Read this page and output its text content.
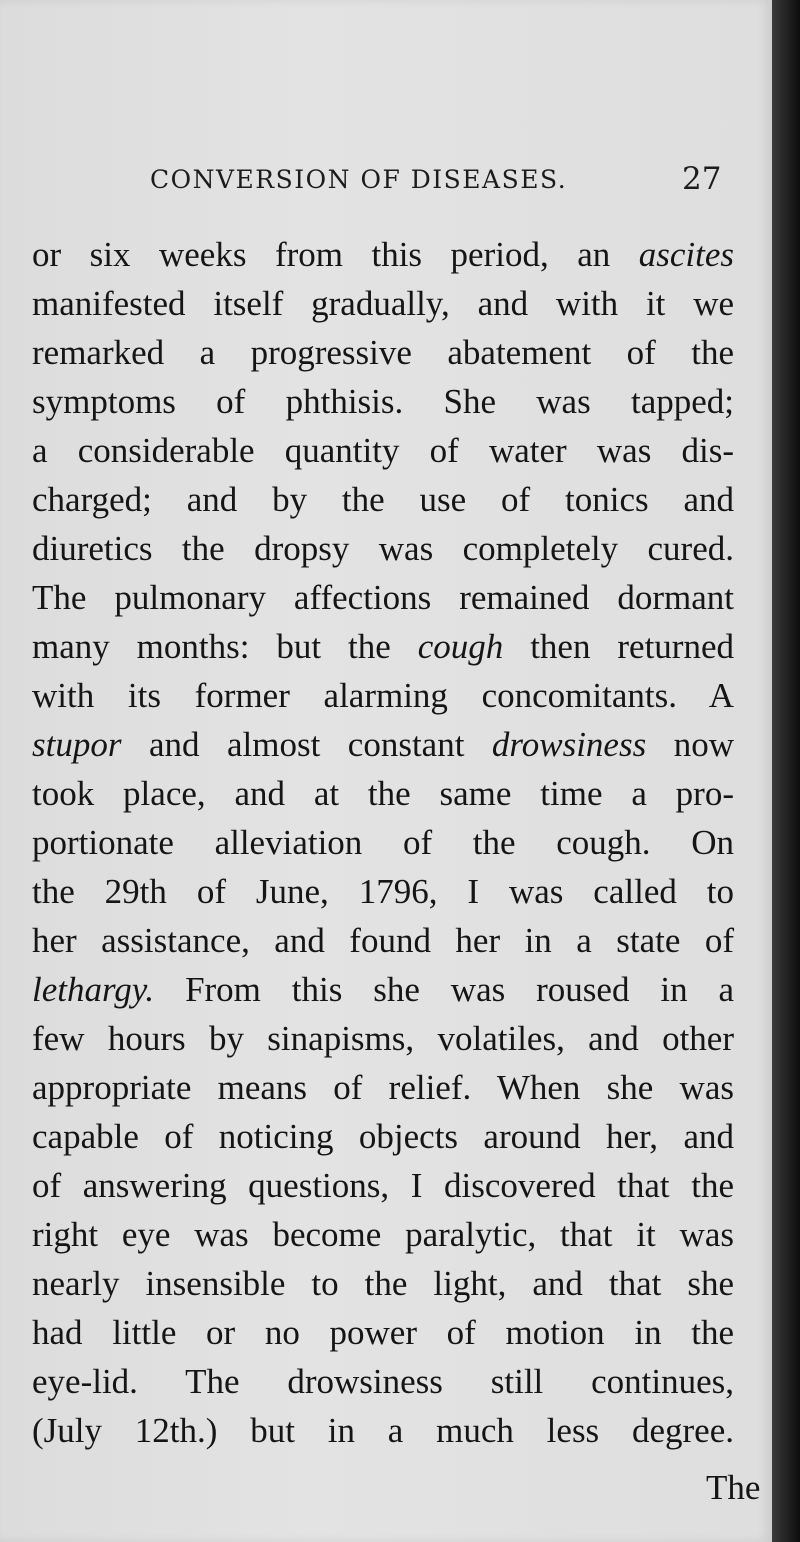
CONVERSION OF DISEASES.	27
or six weeks from this period, an ascites
manifested itself gradually, and with it we
remarked a progressive abatement of the
symptoms of phthisis. She was tapped;
a considerable quantity of water was dis-
charged; and by the use of tonics and
diuretics the dropsy was completely cured.
The pulmonary affections remained dormant
many months: but the cough then returned
with its former alarming concomitants. A
stupor and almost constant drowsiness now
took place, and at the same time a pro-
portionate alleviation of the cough. On
the 29th of June, 1796, I was called to
her assistance, and found her in a state of
lethargy. From this she was roused in a
few hours by sinapisms, volatiles, and other
appropriate means of relief. When she was
capable of noticing objects around her, and
of answering questions, I discovered that the
right eye was become paralytic, that it was
nearly insensible to the light, and that she
had little or no power of motion in the
eye-lid. The drowsiness still continues,
(July 12th.) but in a much less degree.
The
